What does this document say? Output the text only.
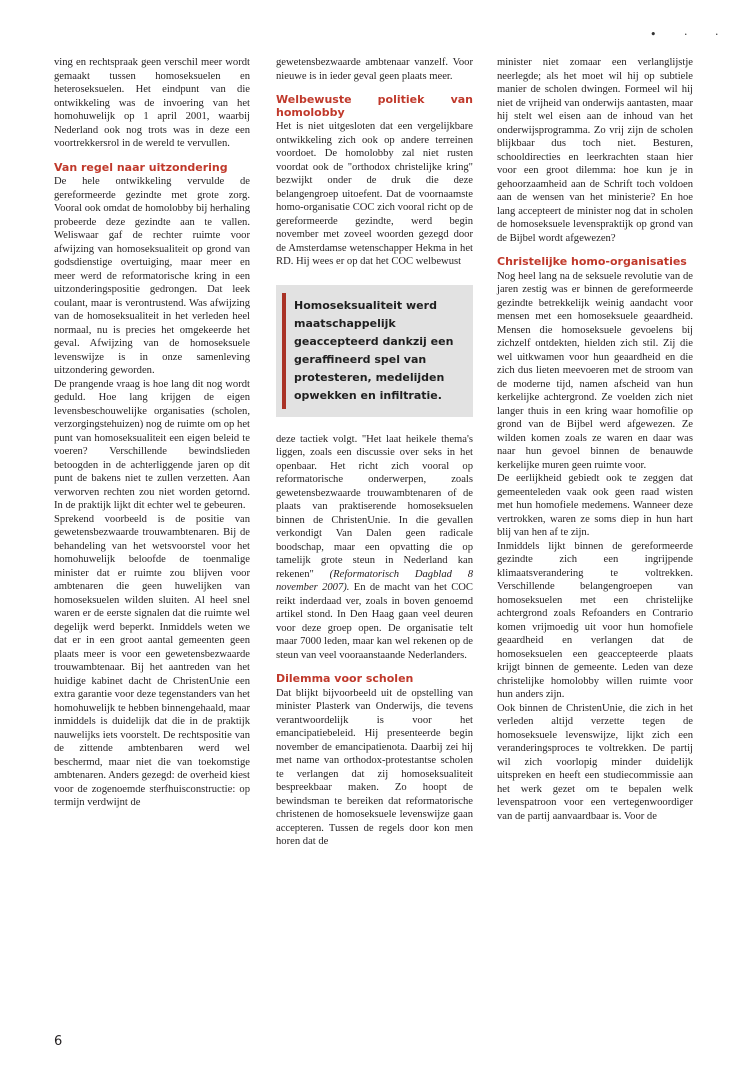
• · ·

ving en rechtspraak geen verschil meer wordt gemaakt tussen homoseksuelen en heteroseksuelen. Het eindpunt van die ontwikkeling was de invoering van het homohuwelijk op 1 april 2001, waarbij Nederland ook nog trots was in deze een voortrekkersrol in de wereld te vervullen.

Van regel naar uitzondering

De hele ontwikkeling vervulde de gereformeerde gezindte met grote zorg. Vooral ook omdat de homolobby bij herhaling probeerde deze gezindte aan te vallen. Weliswaar gaf de rechter ruimte voor afwijzing van homoseksualiteit op grond van godsdienstige overtuiging, maar meer en meer werd de reformatorische kring in een uitzonderingspositie gedrongen. Dat leek coulant, maar is verontrustend. Was afwijzing van de homoseksualiteit in het verleden heel normaal, nu is precies het omgekeerde het geval. Afwijzing van de homoseksuele levenswijze is in onze samenleving uitzondering geworden.

De prangende vraag is hoe lang dit nog wordt geduld. Hoe lang krijgen de eigen levensbeschouwelijke organisaties (scholen, verzorgingstehuizen) nog de ruimte om op het punt van homoseksualiteit een eigen beleid te voeren? Verschillende bewindslieden betoogden in de achterliggende jaren op dit punt de bakens niet te zullen verzetten. Aan verworven rechten zou niet worden getornd. In de praktijk lijkt dit echter wel te gebeuren.

Sprekend voorbeeld is de positie van gewetensbezwaarde trouwambtenaren. Bij de behandeling van het wetsvoorstel voor het homohuwelijk beloofde de toenmalige minister dat er ruimte zou blijven voor ambtenaren die geen huwelijken van homoseksuelen wilden sluiten. Al heel snel waren er de eerste signalen dat die ruimte wel degelijk werd beperkt. Inmiddels weten we dat er in een groot aantal gemeenten geen plaats meer is voor een gewetensbezwaarde trouwambtenaar. Bij het aantreden van het huidige kabinet dacht de ChristenUnie een extra garantie voor deze tegenstanders van het homohuwelijk te hebben binnengehaald, maar inmiddels is duidelijk dat die in de praktijk nauwelijks iets voorstelt. De rechtspositie van de zittende ambtenbaren werd wel beschermd, maar niet die van toekomstige ambtenaren. Anders gezegd: de overheid kiest voor de zogenoemde sterfhuisconstructie: op termijn verdwijnt de

gewetensbezwaarde ambtenaar vanzelf. Voor nieuwe is in ieder geval geen plaats meer.

Welbewuste politiek van homolobby

Het is niet uitgesloten dat een vergelijkbare ontwikkeling zich ook op andere terreinen voordoet. De homolobby zal niet rusten voordat ook de "orthodox christelijke kring" bezwijkt onder de druk die deze belangengroep uitoefent. Dat de voornaamste homo-organisatie COC zich vooral richt op de gereformeerde gezindte, werd begin november met zoveel woorden gezegd door de Amsterdamse wetenschapper Hekma in het RD. Hij wees er op dat het COC welbewust

Homoseksualiteit werd maatschappelijk geaccepteerd dankzij een geraffineerd spel van protesteren, medelijden opwekken en infiltratie.

deze tactiek volgt. "Het laat heikele thema's liggen, zoals een discussie over seks in het openbaar. Het richt zich vooral op reformatorische onderwerpen, zoals gewetensbezwaarde trouwambtenaren of de plaats van praktiserende homoseksuelen binnen de ChristenUnie. In die gevallen verkondigt Van Dalen geen radicale boodschap, maar een opvatting die op tamelijk grote steun in Nederland kan rekenen" (Reformatorisch Dagblad 8 november 2007). En de macht van het COC reikt inderdaad ver, zoals in boven genoemd artikel stond. In Den Haag gaan veel deuren voor deze groep open. De organisatie telt maar 7000 leden, maar kan wel rekenen op de steun van veel vooraanstaande Nederlanders.

Dilemma voor scholen

Dat blijkt bijvoorbeeld uit de opstelling van minister Plasterk van Onderwijs, die tevens verantwoordelijk is voor het emancipatiebeleid. Hij presenteerde begin november de emancipatienota. Daarbij zei hij met name van orthodox-protestantse scholen te verlangen dat zij homoseksualiteit bespreekbaar maken. Zo hoopt de bewindsman te bereiken dat reformatorische christenen de homoseksuele levenswijze gaan accepteren. Tussen de regels door kon men horen dat de

minister niet zomaar een verlanglijstje neerlegde; als het moet wil hij op subtiele manier de scholen dwingen. Formeel wil hij niet de vrijheid van onderwijs aantasten, maar hij stelt wel eisen aan de inhoud van het onderwijsprogramma. Zo vrij zijn de scholen blijkbaar dus toch niet. Besturen, schooldirecties en leerkrachten staan hier voor een groot dilemma: hoe kun je in gehoorzaamheid aan de Schrift toch voldoen aan de wensen van het ministerie? En hoe lang accepteert de minister nog dat in scholen de homoseksuele levenspraktijk op grond van de Bijbel wordt afgewezen?

Christelijke homo-organisaties

Nog heel lang na de seksuele revolutie van de jaren zestig was er binnen de gereformeerde gezindte betrekkelijk weinig aandacht voor mensen met een homoseksuele geaardheid. Mensen die homoseksuele gevoelens bij zichzelf ontdekten, hielden zich stil. Zij die wel uitkwamen voor hun geaardheid en die zich dus lieten meevoeren met de stroom van de moderne tijd, namen afscheid van hun kerkelijke achtergrond. Ze voelden zich niet langer thuis in een kring waar homofilie op grond van de Bijbel werd afgewezen. Ze wilden komen zoals ze waren en daar was naar hun gevoel binnen de benauwde kerkelijke muren geen ruimte voor.

De eerlijkheid gebiedt ook te zeggen dat gemeenteleden vaak ook geen raad wisten met hun homofiele medemens. Wanneer deze vertrokken, waren ze soms diep in hun hart blij van hen af te zijn.

Inmiddels lijkt binnen de gereformeerde gezindte zich een ingrijpende klimaatsverandering te voltrekken. Verschillende belangengroepen van homoseksuelen met een christelijke achtergrond zoals Refoanders en Contrario komen vrijmoedig uit voor hun homofiele geaardheid en verlangen dat de homoseksuelen een geaccepteerde plaats krijgt binnen de gemeente. Leden van deze christelijke homolobby willen ruimte voor hun anders zijn.

Ook binnen de ChristenUnie, die zich in het verleden altijd verzette tegen de homoseksuele levenswijze, lijkt zich een veranderingsproces te voltrekken. De partij wil zich voorlopig minder duidelijk uitspreken en heeft een studiecommissie aan het werk gezet om te bepalen welk levenspatroon voor een vertegenwoordiger van de partij aanvaardbaar is. Voor de

6
